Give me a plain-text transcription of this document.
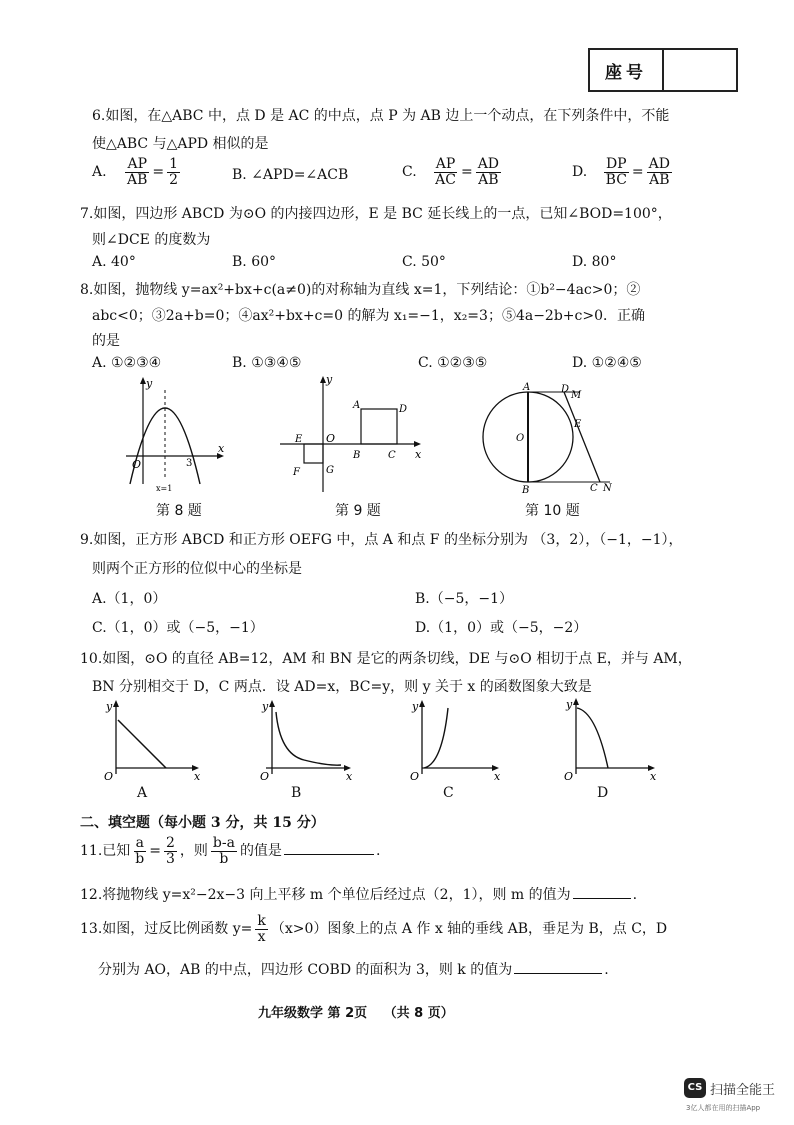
座号
6.如图，在△ABC 中，点 D 是 AC 的中点，点 P 为 AB 边上一个动点，在下列条件中，不能
使△ABC 与△APD 相似的是
A. $\frac{AP}{AB} = \frac{1}{2}$	B. ∠APD=∠ACB	C. $\frac{AP}{AC} = \frac{AD}{AB}$	D. $\frac{DP}{BC} = \frac{AD}{AB}$
7.如图，四边形 ABCD 为⊙O 的内接四边形，E 是 BC 延长线上的一点，已知∠BOD=100°，
则∠DCE 的度数为
A. 40°	B. 60°	C. 50°	D. 80°
8.如图，抛物线 y=ax²+bx+c(a≠0)的对称轴为直线 x=1，下列结论：①b²−4ac>0；②
abc<0；③2a+b=0；④ax²+bx+c=0 的解为 x₁=−1，x₂=3；⑤4a−2b+c>0．正确
的是
A. ①②③④	B. ①③④⑤	C. ①②③⑤	D. ①②④⑤
y
x
O	3
x=1
第 8 题
y
x
O
A	D
B	C
E
F	G
第 9 题
A	D
M
E
O
B	C N
第 10 题
9.如图，正方形 ABCD 和正方形 OEFG 中，点 A 和点 F 的坐标分别为 （3，2），（−1，−1），
则两个正方形的位似中心的坐标是
A.（1，0）	B.（−5，−1）
C.（1，0）或（−5，−1）	D.（1，0）或（−5，−2）
10.如图，⊙O 的直径 AB=12，AM 和 BN 是它的两条切线，DE 与⊙O 相切于点 E，并与 AM，
BN 分别相交于 D，C 两点．设 AD=x，BC=y，则 y 关于 x 的函数图象大致是
y
x
O
y
x
O
y
x
O
y
x
O
A	B	C	D
二、填空题（每小题 3 分，共 15 分）
11.已知 $\frac{a}{b} = \frac{2}{3}$ ，则 $\frac{b-a}{b}$ 的值是	.
12.将抛物线 y=x²−2x−3 向上平移 m 个单位后经过点（2，1），则 m 的值为	.
13.如图，过反比例函数 $y= \frac{k}{x} (x>0)$图象上的点 A 作 x 轴的垂线 AB，垂足为 B，点 C，D
分别为 AO，AB 的中点，四边形 COBD 的面积为 3，则 k 的值为	.
九年级数学 第 2页 （共 8 页）
CS 扫描全能王
3亿人都在用的扫描App
